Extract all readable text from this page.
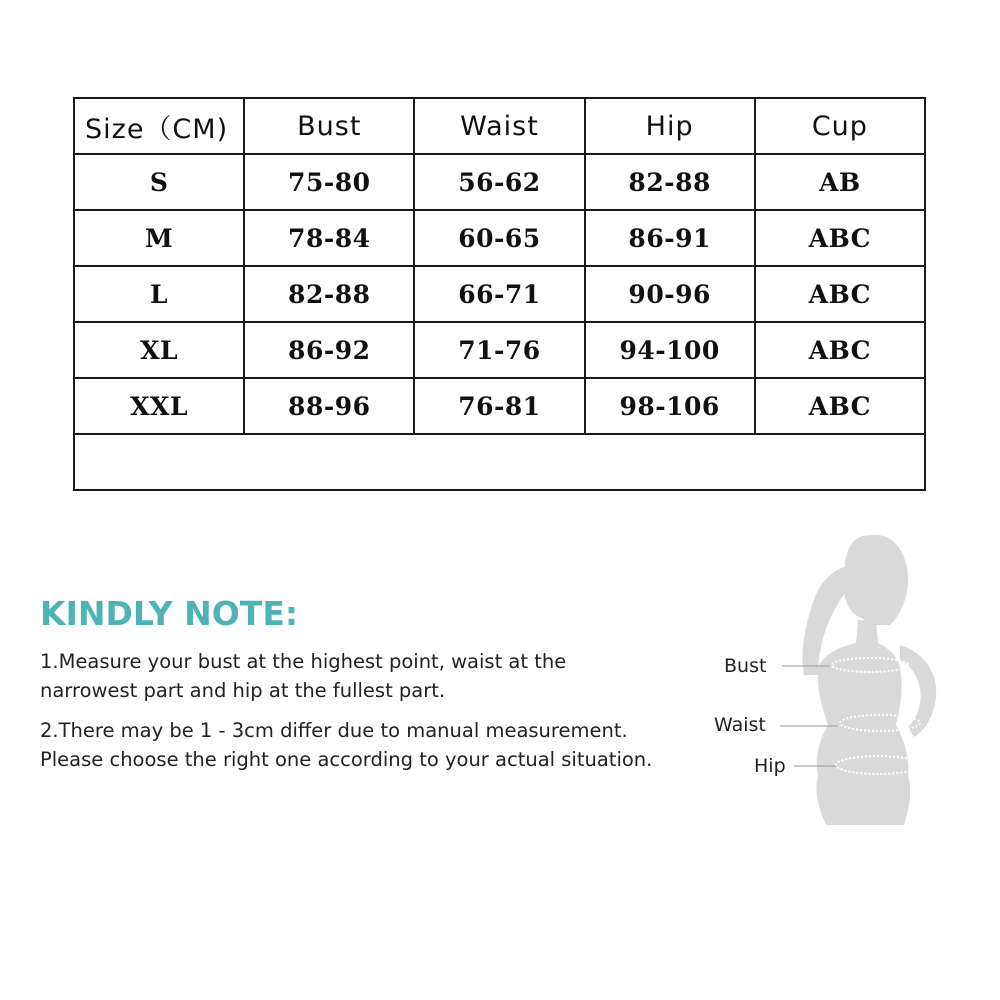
Size（CM)	Bust	Waist	Hip	Cup
S	75-80	56-62	82-88	AB
M	78-84	60-65	86-91	ABC
L	82-88	66-71	90-96	ABC
XL	86-92	71-76	94-100	ABC
XXL	88-96	76-81	98-106	ABC

KINDLY NOTE:

1.Measure your bust at the highest point, waist at the
narrowest part and hip at the fullest part.

2.There may be 1 - 3cm differ due to manual measurement.
Please choose the right one according to your actual situation.

Bust
Waist
Hip
